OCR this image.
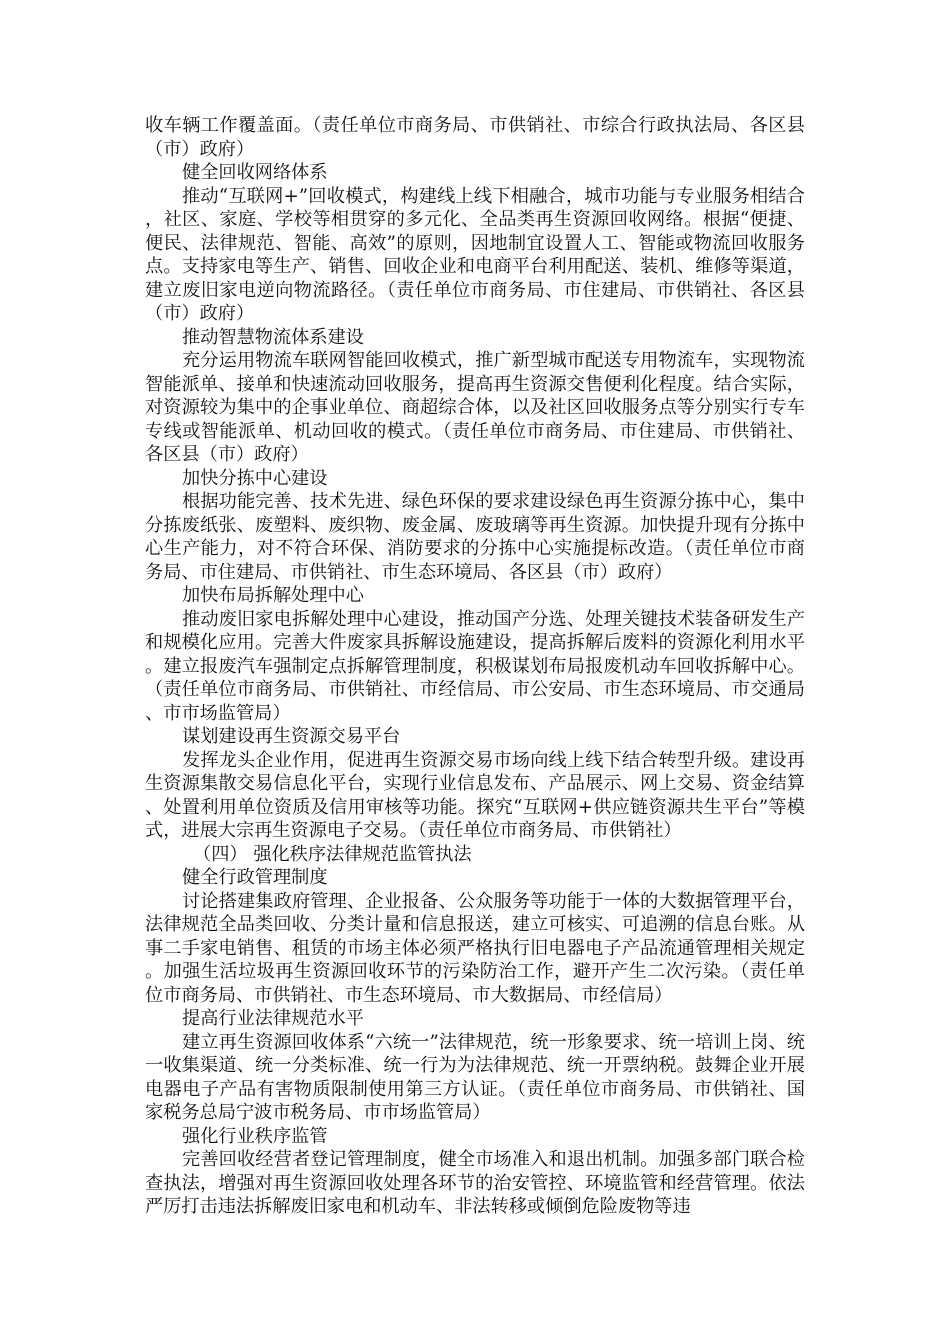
收车辆工作覆盖面。（责任单位市商务局、市供销社、市综合行政执法局、各区县（市）政府）

健全回收网络体系

推动“互联网+”回收模式，构建线上线下相融合，城市功能与专业服务相结合，社区、家庭、学校等相贯穿的多元化、全品类再生资源回收网络。根据“便捷、便民、法律规范、智能、高效”的原则，因地制宜设置人工、智能或物流回收服务点。支持家电等生产、销售、回收企业和电商平台利用配送、装机、维修等渠道，建立废旧家电逆向物流路径。（责任单位市商务局、市住建局、市供销社、各区县（市）政府）

推动智慧物流体系建设

充分运用物流车联网智能回收模式，推广新型城市配送专用物流车，实现物流智能派单、接单和快速流动回收服务，提高再生资源交售便利化程度。结合实际，对资源较为集中的企事业单位、商超综合体，以及社区回收服务点等分别实行专车专线或智能派单、机动回收的模式。（责任单位市商务局、市住建局、市供销社、各区县（市）政府）

加快分拣中心建设

根据功能完善、技术先进、绿色环保的要求建设绿色再生资源分拣中心，集中分拣废纸张、废塑料、废织物、废金属、废玻璃等再生资源。加快提升现有分拣中心生产能力，对不符合环保、消防要求的分拣中心实施提标改造。（责任单位市商务局、市住建局、市供销社、市生态环境局、各区县（市）政府）

加快布局拆解处理中心

推动废旧家电拆解处理中心建设，推动国产分选、处理关键技术装备研发生产和规模化应用。完善大件废家具拆解设施建设，提高拆解后废料的资源化利用水平。建立报废汽车强制定点拆解管理制度，积极谋划布局报废机动车回收拆解中心。（责任单位市商务局、市供销社、市经信局、市公安局、市生态环境局、市交通局、市市场监管局）

谋划建设再生资源交易平台

发挥龙头企业作用，促进再生资源交易市场向线上线下结合转型升级。建设再生资源集散交易信息化平台，实现行业信息发布、产品展示、网上交易、资金结算、处置利用单位资质及信用审核等功能。探究“互联网+供应链资源共生平台”等模式，进展大宗再生资源电子交易。（责任单位市商务局、市供销社）

（四） 强化秩序法律规范监管执法

健全行政管理制度

讨论搭建集政府管理、企业报备、公众服务等功能于一体的大数据管理平台，法律规范全品类回收、分类计量和信息报送，建立可核实、可追溯的信息台账。从事二手家电销售、租赁的市场主体必须严格执行旧电器电子产品流通管理相关规定。加强生活垃圾再生资源回收环节的污染防治工作，避开产生二次污染。（责任单位市商务局、市供销社、市生态环境局、市大数据局、市经信局）

提高行业法律规范水平

建立再生资源回收体系“六统一”法律规范，统一形象要求、统一培训上岗、统一收集渠道、统一分类标准、统一行为为法律规范、统一开票纳税。鼓舞企业开展电器电子产品有害物质限制使用第三方认证。（责任单位市商务局、市供销社、国家税务总局宁波市税务局、市市场监管局）

强化行业秩序监管

完善回收经营者登记管理制度，健全市场准入和退出机制。加强多部门联合检查执法，增强对再生资源回收处理各环节的治安管控、环境监管和经营管理。依法严厉打击违法拆解废旧家电和机动车、非法转移或倾倒危险废物等违
